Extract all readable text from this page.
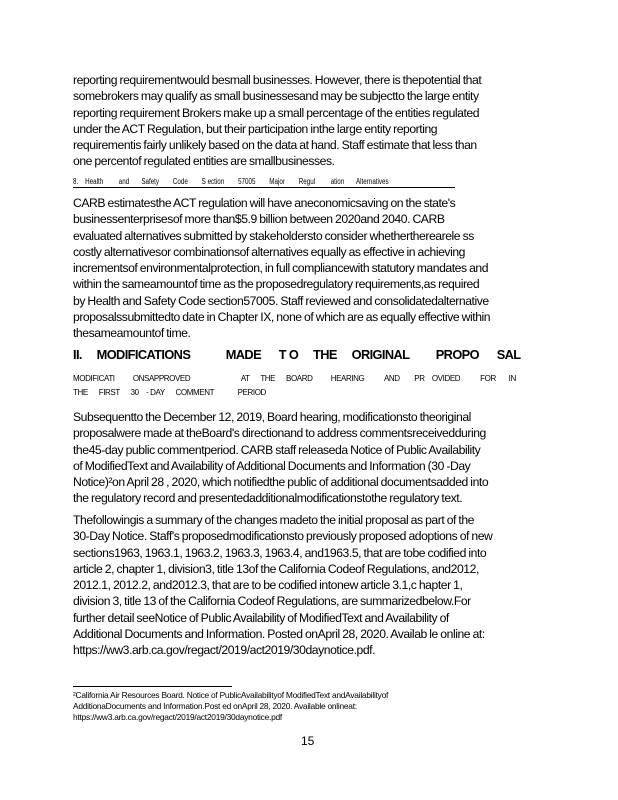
reporting requirementwould besmall businesses. However, there is thepotential that
somebrokers may qualify as small businessesand may be subjectto the large entity
reporting requirement Brokers make up a small percentage of the entities regulated
under the ACT Regulation, but their participation inthe large entity reporting
requirementis fairly unlikely based on the data at hand. Staff estimate that less than
one percentof regulated entities are smallbusinesses.
8.    Health         and       Safety        Code        S ection        57005        Major        Regul         ation       Alternatives
CARB estimatesthe ACT regulation will have aneconomicsaving on the state's
businessenterprisesof more than$5.9 billion between 2020and 2040. CARB
evaluated alternatives submitted by stakeholdersto consider whethertherearele ss
costly alternativesor combinationsof alternatives equally as effective in achieving
incrementsof environmentalprotection, in full compliancewith statutory mandates and
within the sameamountof time as the proposedregulatory requirements,as required
by Health and Safety Code section57005. Staff reviewed and consolidatedalternative
proposalssubmittedto date in Chapter IX, none of which are as equally effective within
thesameamountof time.
II.     MODIFICATIONS            MADE      T O     THE     ORIGINAL         PROPO      SAL
MODIFICATI          ONSAPPROVED                            AT      THE      BOARD          HEARING           AND        PR    OVIDED           FOR       IN
THE      FIRST      30    - DAY      COMMENT             PERIOD
Subsequentto the December 12, 2019, Board hearing, modificationsto theoriginal
proposalwere made at theBoard's directionand to address commentsreceivedduring
the45-day public commentperiod. CARB staff releaseda Notice of Public Availability
of ModifiedText and Availability of Additional Documents and Information (30 -Day
Notice)²on April 28 , 2020, which notifiedthe public of additional documentsadded into
the regulatory record and presentedadditionalmodificationstothe regulatory text.
Thefollowingis a summary of the changes madeto the initial proposal as part of the
30-Day Notice. Staff's proposedmodificationsto previously proposed adoptions of new
sections1963, 1963.1, 1963.2, 1963.3, 1963.4, and1963.5, that are tobe codified into
article 2, chapter 1, division3, title 13of the California Codeof Regulations, and2012,
2012.1, 2012.2, and2012.3, that are to be codified intonew article 3.1,c hapter 1,
division 3, title 13 of the California Codeof Regulations, are summarizedbelow.For
further detail seeNotice of Public Availability of ModifiedText and Availability of
Additional Documents and Information. Posted onApril 28, 2020. Availab le online at:
https://ww3.arb.ca.gov/regact/2019/act2019/30daynotice.pdf.
²California Air Resources Board. Notice of PublicAvailabilityof ModifiedText andAvailabilityof
AdditionaDocuments and Information.Post ed onApril 28, 2020. Available onlineat:
https://ww3.arb.ca.gov/regact/2019/act2019/30daynotice.pdf
15
